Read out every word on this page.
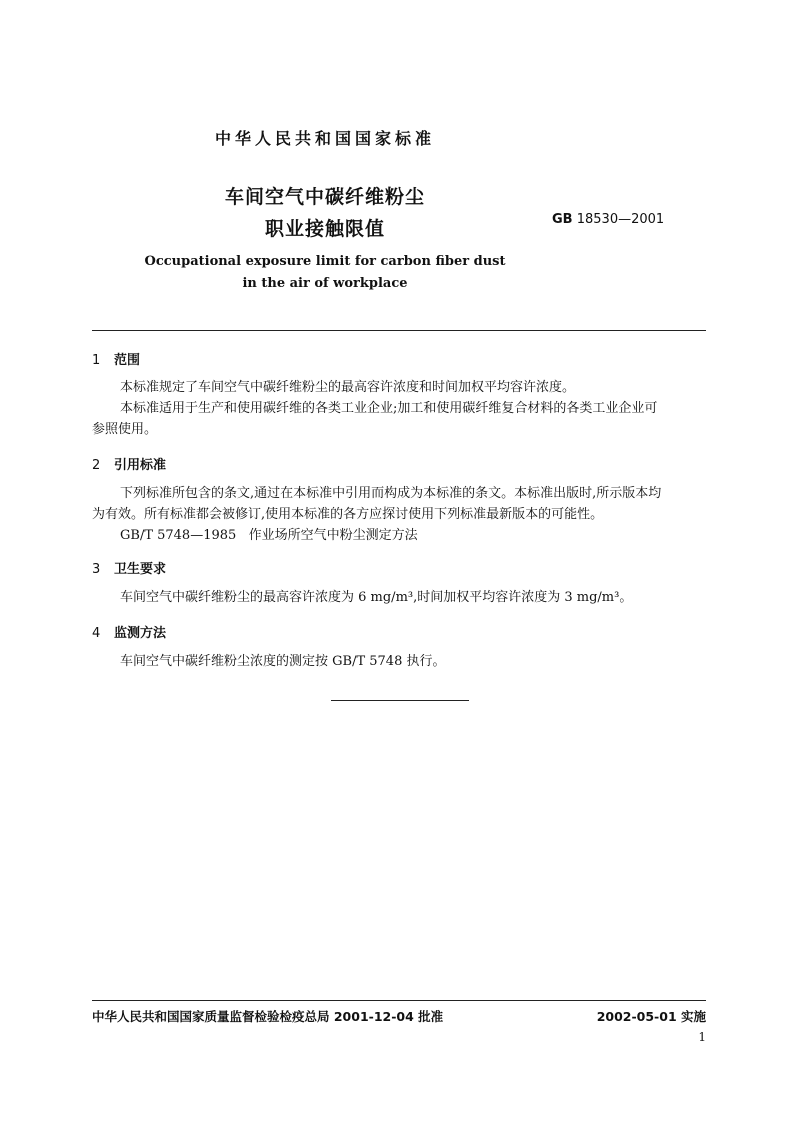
中华人民共和国国家标准
车间空气中碳纤维粉尘
职业接触限值	GB 18530—2001
Occupational exposure limit for carbon fiber dust
in the air of workplace
1 范围
本标准规定了车间空气中碳纤维粉尘的最高容许浓度和时间加权平均容许浓度。
本标准适用于生产和使用碳纤维的各类工业企业;加工和使用碳纤维复合材料的各类工业企业可
参照使用。
2 引用标准
下列标准所包含的条文,通过在本标准中引用而构成为本标准的条文。本标准出版时,所示版本均
为有效。所有标准都会被修订,使用本标准的各方应探讨使用下列标准最新版本的可能性。
GB/T 5748—1985   作业场所空气中粉尘测定方法
3 卫生要求
车间空气中碳纤维粉尘的最高容许浓度为 6 mg/m³,时间加权平均容许浓度为 3 mg/m³。
4 监测方法
车间空气中碳纤维粉尘浓度的测定按 GB/T 5748 执行。
中华人民共和国国家质量监督检验检疫总局 2001-12-04 批准	2002-05-01 实施
1
